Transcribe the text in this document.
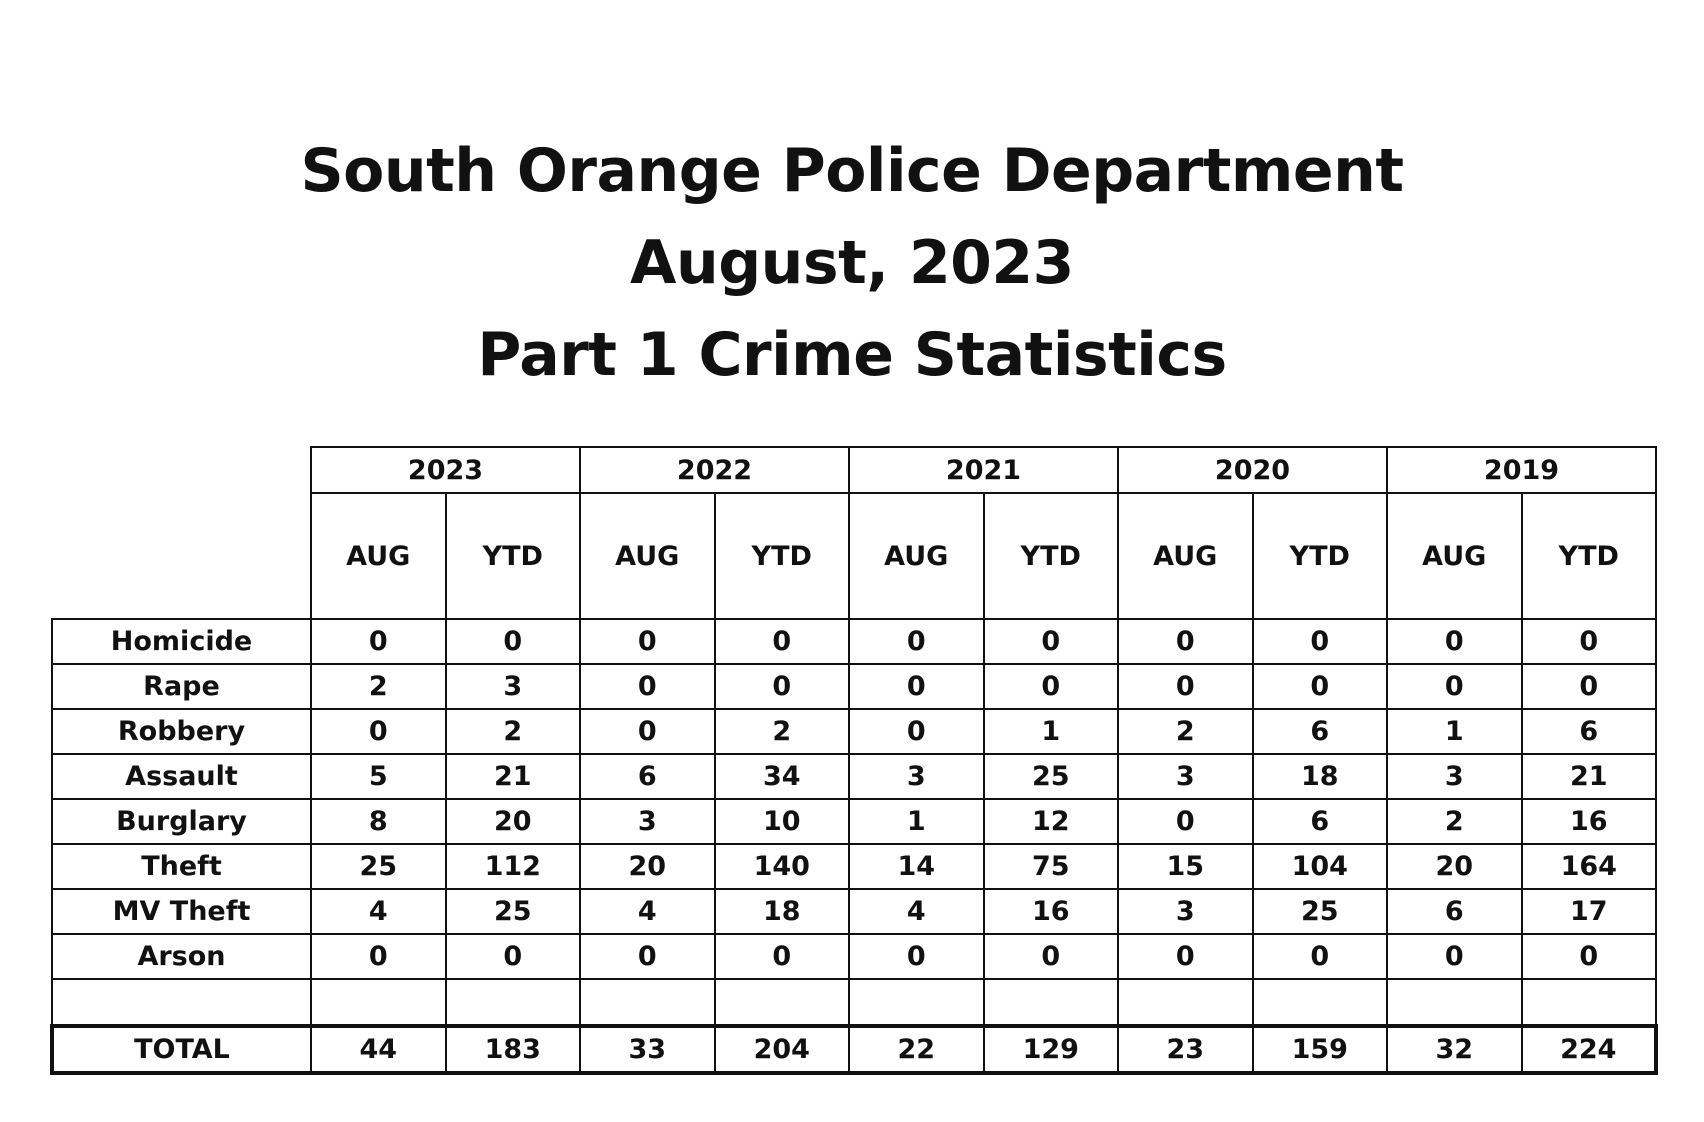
South Orange Police Department
August, 2023
Part 1 Crime Statistics
	2023		2022		2021		2020		2019	
	AUG	YTD	AUG	YTD	AUG	YTD	AUG	YTD	AUG	YTD
Homicide	0	0	0	0	0	0	0	0	0	0
Rape	2	3	0	0	0	0	0	0	0	0
Robbery	0	2	0	2	0	1	2	6	1	6
Assault	5	21	6	34	3	25	3	18	3	21
Burglary	8	20	3	10	1	12	0	6	2	16
Theft	25	112	20	140	14	75	15	104	20	164
MV Theft	4	25	4	18	4	16	3	25	6	17
Arson	0	0	0	0	0	0	0	0	0	0

TOTAL	44	183	33	204	22	129	23	159	32	224
